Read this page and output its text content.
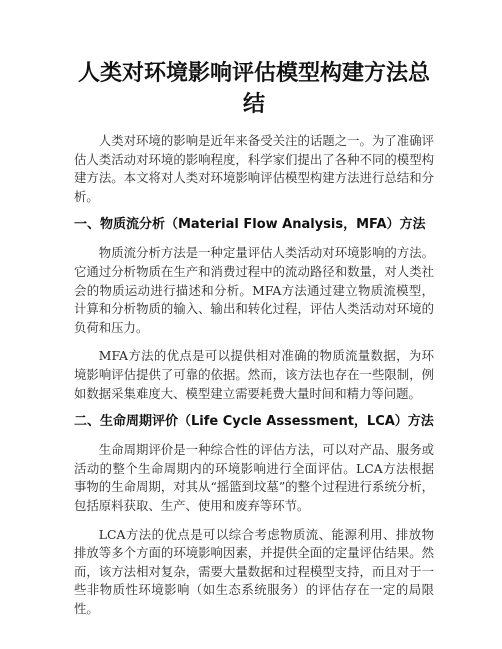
人类对环境影响评估模型构建方法总结

人类对环境的影响是近年来备受关注的话题之一。为了准确评估人类活动对环境的影响程度，科学家们提出了各种不同的模型构建方法。本文将对人类对环境影响评估模型构建方法进行总结和分析。

一、物质流分析（Material Flow Analysis，MFA）方法

物质流分析方法是一种定量评估人类活动对环境影响的方法。它通过分析物质在生产和消费过程中的流动路径和数量，对人类社会的物质运动进行描述和分析。MFA方法通过建立物质流模型，计算和分析物质的输入、输出和转化过程，评估人类活动对环境的负荷和压力。

MFA方法的优点是可以提供相对准确的物质流量数据，为环境影响评估提供了可靠的依据。然而，该方法也存在一些限制，例如数据采集难度大、模型建立需要耗费大量时间和精力等问题。

二、生命周期评价（Life Cycle Assessment，LCA）方法

生命周期评价是一种综合性的评估方法，可以对产品、服务或活动的整个生命周期内的环境影响进行全面评估。LCA方法根据事物的生命周期，对其从“摇篮到坟墓”的整个过程进行系统分析，包括原料获取、生产、使用和废弃等环节。

LCA方法的优点是可以综合考虑物质流、能源利用、排放物排放等多个方面的环境影响因素，并提供全面的定量评估结果。然而，该方法相对复杂，需要大量数据和过程模型支持，而且对于一些非物质性环境影响（如生态系统服务）的评估存在一定的局限性。
